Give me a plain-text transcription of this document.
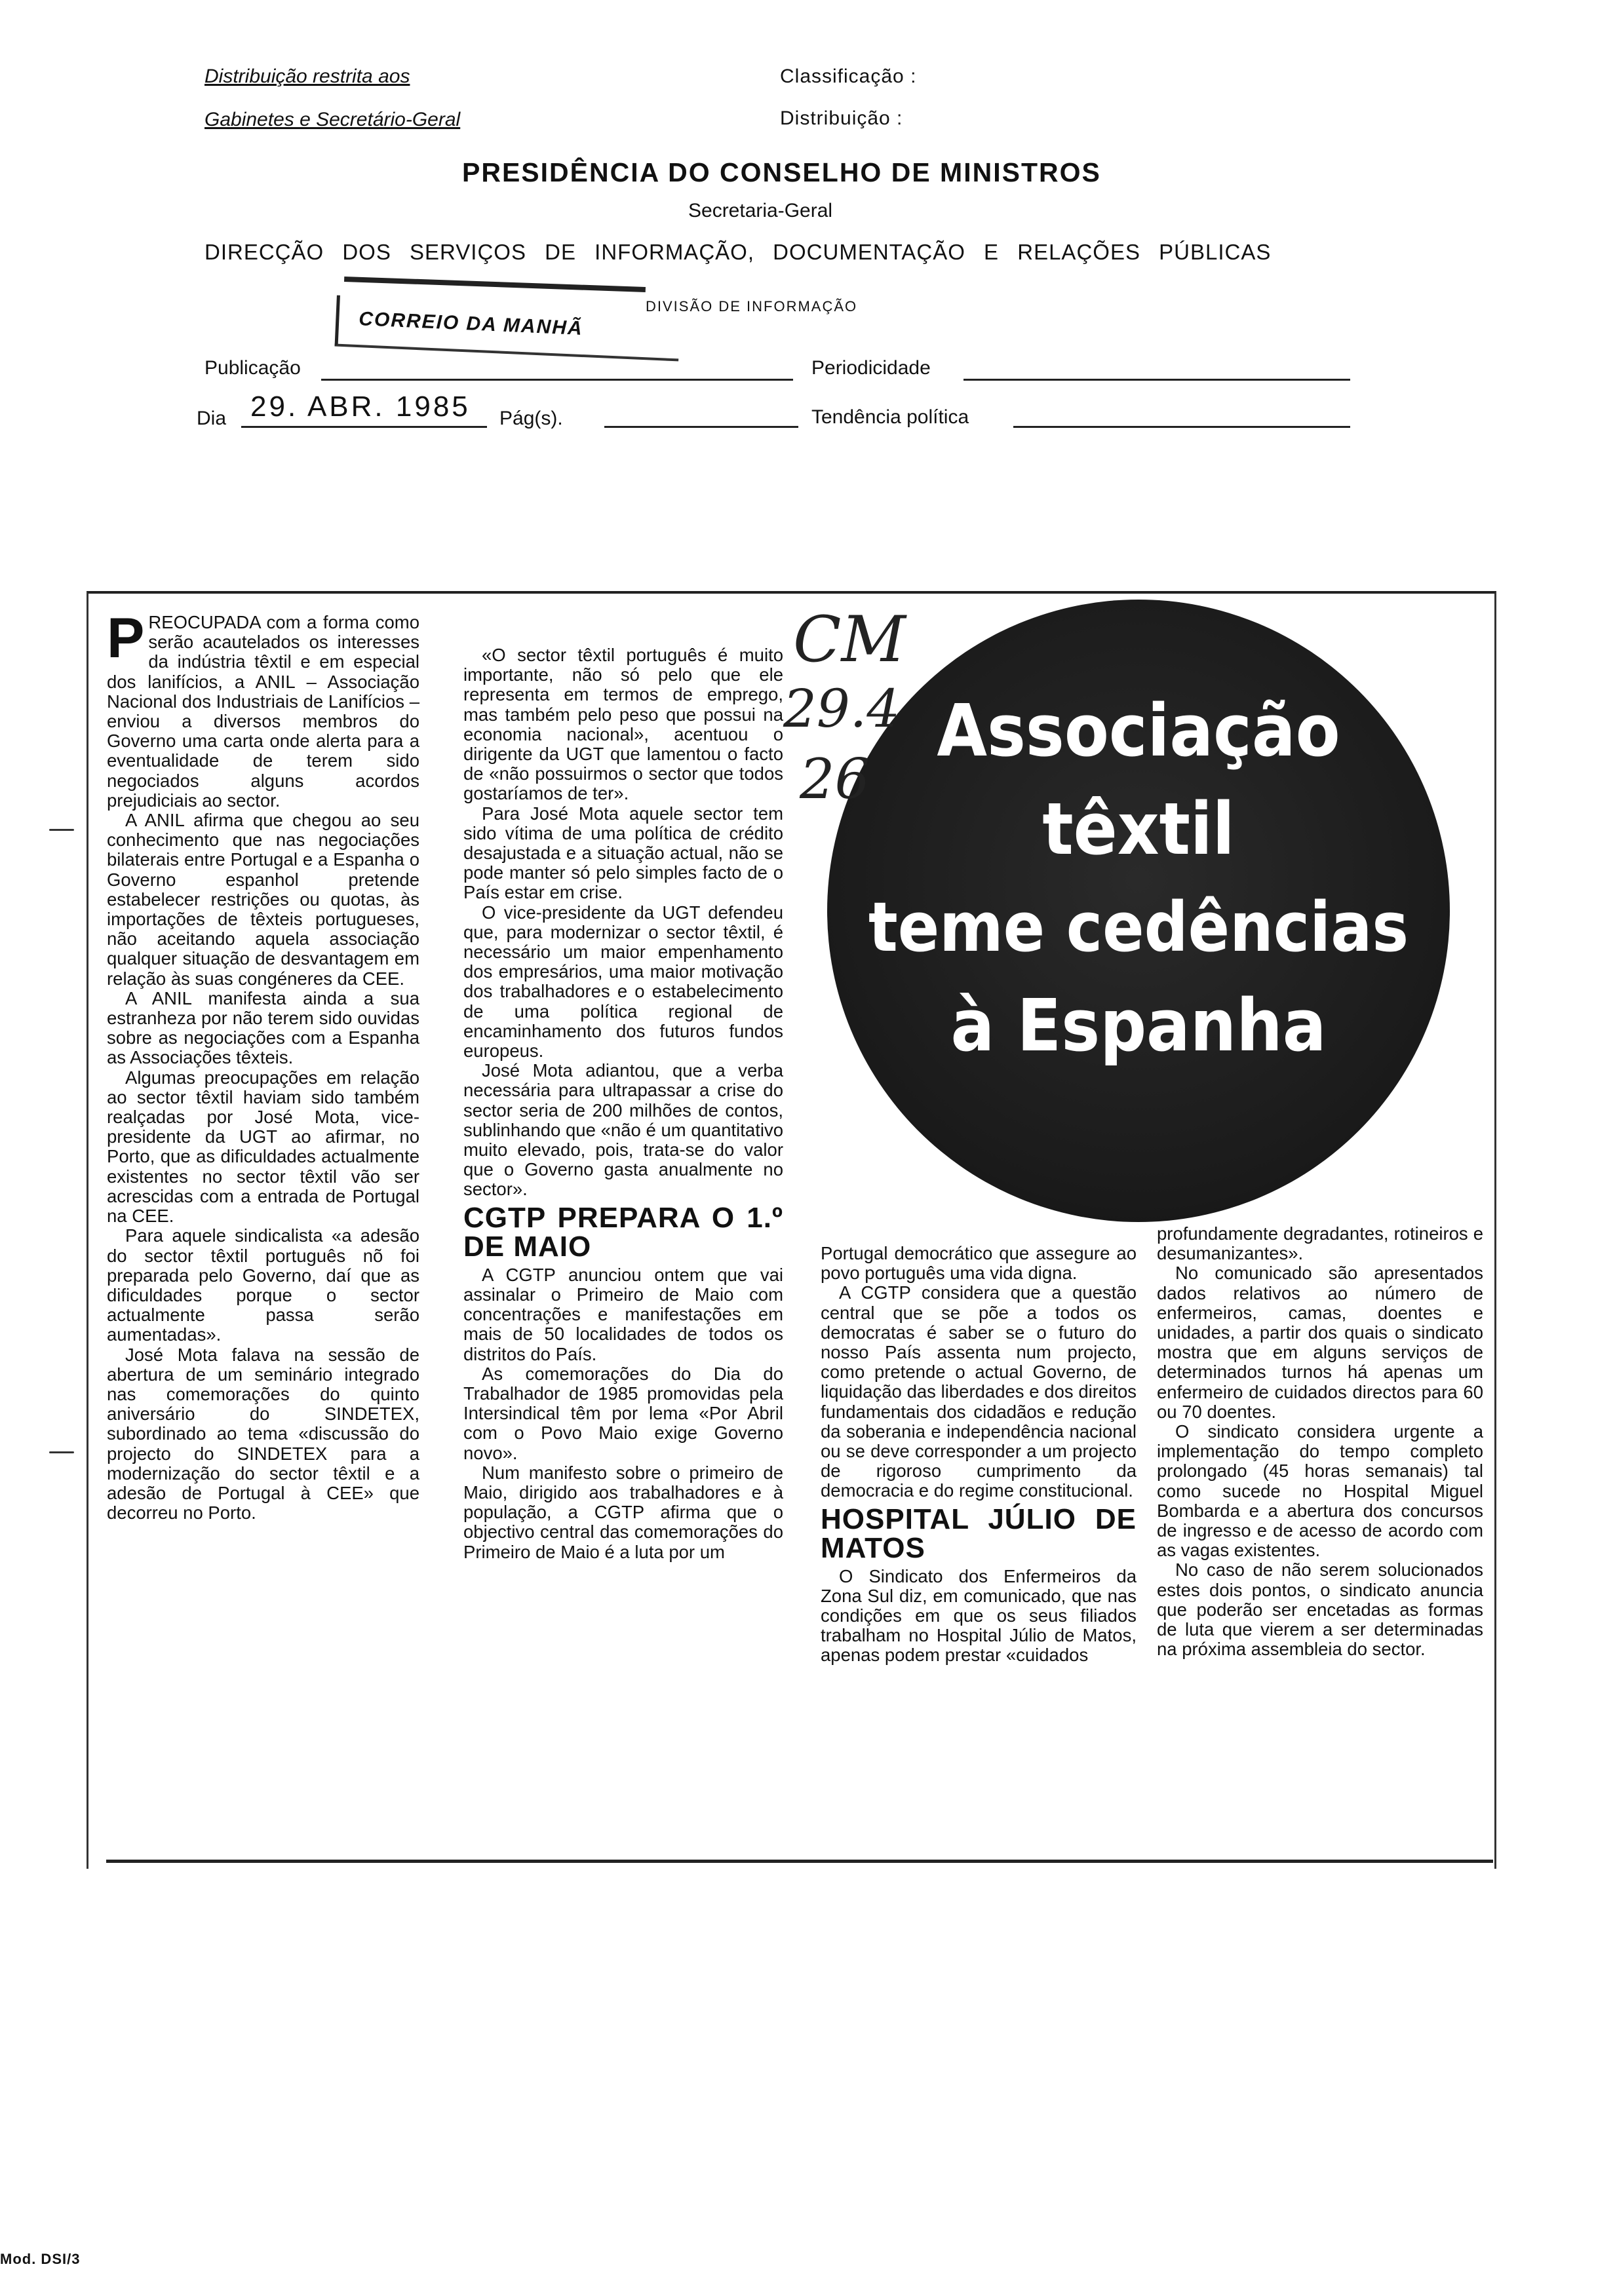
Distribuição restrita aos
Gabinetes e Secretário-Geral
Classificação :
Distribuição :
PRESIDÊNCIA DO CONSELHO DE MINISTROS
Secretaria-Geral
DIRECÇÃO DOS SERVIÇOS DE INFORMAÇÃO, DOCUMENTAÇÃO E RELAÇÕES PÚBLICAS
DIVISÃO DE INFORMAÇÃO
CORREIO DA MANHÃ
Publicação	Periodicidade
Dia 29. ABR. 1985 Pág(s).	Tendência política
Associação
têxtil
teme cedências
à Espanha

PREOCUPADA com a forma como serão acautelados os interesses da indústria têxtil e em especial dos lanifícios, a ANIL – Associação Nacional dos Industriais de Lanifícios – enviou a diversos membros do Governo uma carta onde alerta para a eventualidade de terem sido negociados alguns acordos prejudiciais ao sector.

A ANIL afirma que chegou ao seu conhecimento que nas negociações bilaterais entre Portugal e a Espanha o Governo espanhol pretende estabelecer restrições ou quotas, às importações de têxteis portugueses, não aceitando aquela associação qualquer situação de desvantagem em relação às suas congéneres da CEE.

A ANIL manifesta ainda a sua estranheza por não terem sido ouvidas sobre as negociações com a Espanha as Associações têxteis.

Algumas preocupações em relação ao sector têxtil haviam sido também realçadas por José Mota, vice-presidente da UGT ao afirmar, no Porto, que as dificuldades actualmente existentes no sector têxtil vão ser acrescidas com a entrada de Portugal na CEE.

Para aquele sindicalista «a adesão do sector têxtil português nõ foi preparada pelo Governo, daí que as dificuldades porque o sector actualmente passa serão aumentadas».

José Mota falava na sessão de abertura de um seminário integrado nas comemorações do quinto aniversário do SINDETEX, subordinado ao tema «discussão do projecto do SINDETEX para a modernização do sector têxtil e a adesão de Portugal à CEE» que decorreu no Porto.

«O sector têxtil português é muito importante, não só pelo que ele representa em termos de emprego, mas também pelo peso que possui na economia nacional», acentuou o dirigente da UGT que lamentou o facto de «não possuirmos o sector que todos gostaríamos de ter».

Para José Mota aquele sector tem sido vítima de uma política de crédito desajustada e a situação actual, não se pode manter só pelo simples facto de o País estar em crise.

O vice-presidente da UGT defendeu que, para modernizar o sector têxtil, é necessário um maior empenhamento dos empresários, uma maior motivação dos trabalhadores e o estabelecimento de uma política regional de encaminhamento dos futuros fundos europeus.

José Mota adiantou, que a verba necessária para ultrapassar a crise do sector seria de 200 milhões de contos, sublinhando que «não é um quantitativo muito elevado, pois, trata-se do valor que o Governo gasta anualmente no sector».

CGTP PREPARA O 1.º DE MAIO

A CGTP anunciou ontem que vai assinalar o Primeiro de Maio com concentrações e manifestações em mais de 50 localidades de todos os distritos do País.

As comemorações do Dia do Trabalhador de 1985 promovidas pela Intersindical têm por lema «Por Abril com o Povo Maio exige Governo novo».

Num manifesto sobre o primeiro de Maio, dirigido aos trabalhadores e à população, a CGTP afirma que o objectivo central das comemorações do Primeiro de Maio é a luta por um

Portugal democrático que assegure ao povo português uma vida digna.

A CGTP considera que a questão central que se põe a todos os democratas é saber se o futuro do nosso País assenta num projecto, como pretende o actual Governo, de liquidação das liberdades e dos direitos fundamentais dos cidadãos e redução da soberania e independência nacional ou se deve corresponder a um projecto de rigoroso cumprimento da democracia e do regime constitucional.

HOSPITAL JÚLIO DE MATOS

O Sindicato dos Enfermeiros da Zona Sul diz, em comunicado, que nas condições em que os seus filiados trabalham no Hospital Júlio de Matos, apenas podem prestar «cuidados

profundamente degradantes, rotineiros e desumanizantes».

No comunicado são apresentados dados relativos ao número de enfermeiros, camas, doentes e unidades, a partir dos quais o sindicato mostra que em alguns serviços de determinados turnos há apenas um enfermeiro de cuidados directos para 60 ou 70 doentes.

O sindicato considera urgente a implementação do tempo completo prolongado (45 horas semanais) tal como sucede no Hospital Miguel Bombarda e a abertura dos concursos de ingresso e de acesso de acordo com as vagas existentes.

No caso de não serem solucionados estes dois pontos, o sindicato anuncia que poderão ser encetadas as formas de luta que vierem a ser determinadas na próxima assembleia do sector.

CM
29.4
26
Mod. DSI/3
